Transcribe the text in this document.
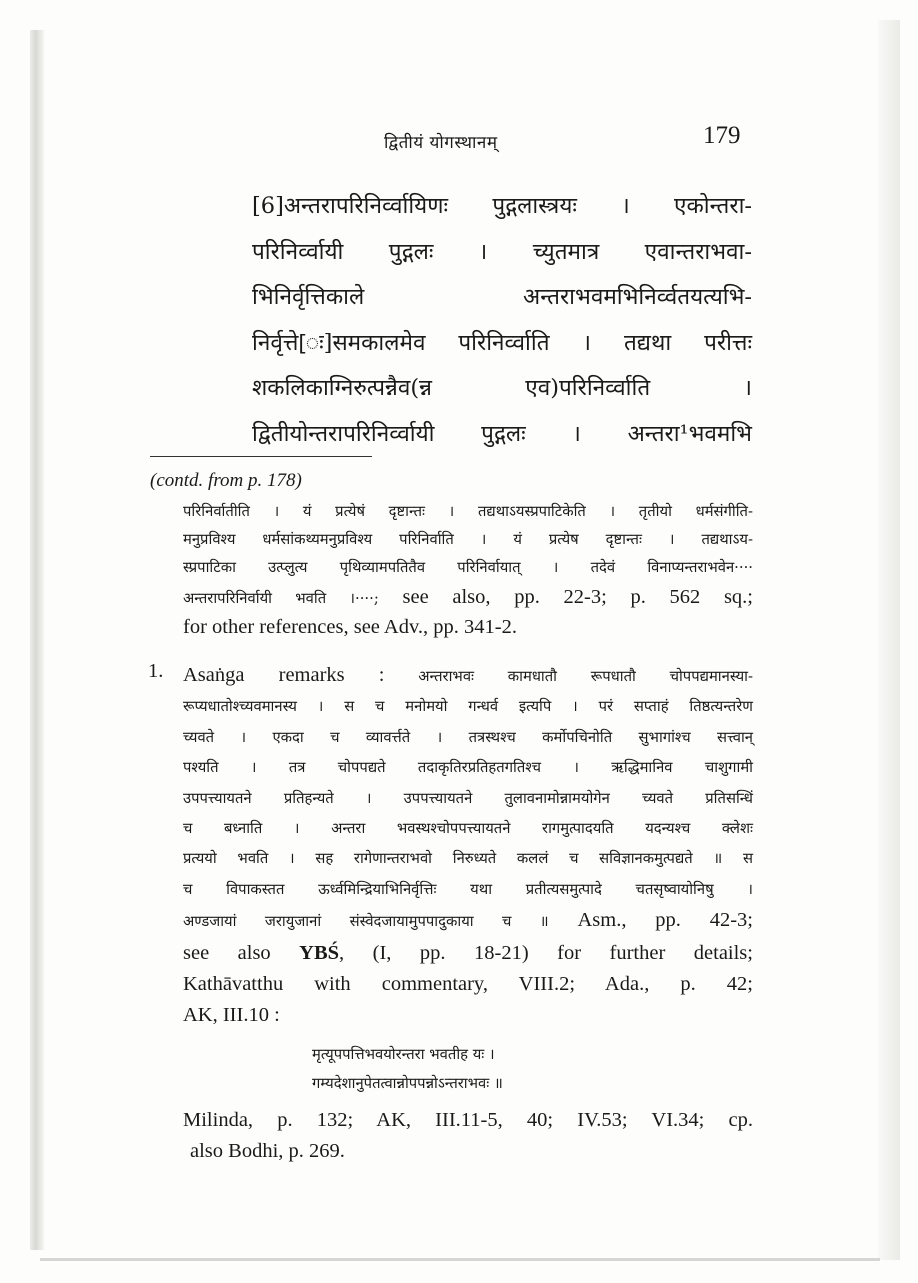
द्वितीयं योगस्थानम्	179
[6]अन्तरापरिनिर्व्वायिणः पुद्गलास्त्रयः । एकोन्तरा-
परिनिर्व्वायी पुद्गलः । च्युतमात्र एवान्तराभवा-
भिनिर्वृत्तिकाले अन्तराभवमभिनिर्व्वतयत्यभि-
निर्वृत्ते[ः]समकालमेव परिनिर्व्वाति । तद्यथा परीत्तः
शकलिकाग्निरुत्पन्नैव(न्न एव)परिनिर्व्वाति ।
द्वितीयोन्तरापरिनिर्व्वायी पुद्गलः । अन्तरा¹भवमभि
(contd. from p. 178)
परिनिर्वातीति । यं प्रत्येषं दृष्टान्तः । तद्यथाऽयस्प्रपाटिकेति । तृतीयो धर्मसंगीति-
मनुप्रविश्य धर्मसांकथ्यमनुप्रविश्य परिनिर्वाति । यं प्रत्येष दृष्टान्तः । तद्यथाऽय-
स्प्रपाटिका उत्प्लुत्य पृथिव्यामपतितैव परिनिर्वायात् । तदेवं विनाप्यन्तराभवेन····
अन्तरापरिनिर्वायी भवति ।····; see also, pp. 22-3; p. 562 sq.;
for other references, see Adv., pp. 341-2.
1. Asaṅga remarks : अन्तराभवः कामधातौ रूपधातौ चोपपद्यमानस्या-
रूप्यधातोश्च्यवमानस्य । स च मनोमयो गन्धर्व इत्यपि । परं सप्ताहं तिष्ठत्यन्तरेण
च्यवते । एकदा च व्यावर्त्तते । तत्रस्थश्च कर्मोपचिनोति सुभागांश्च सत्त्वान्
पश्यति । तत्र चोपपद्यते तदाकृतिरप्रतिहतगतिश्च । ऋद्धिमानिव चाशुगामी
उपपत्त्यायतने प्रतिहन्यते । उपपत्त्यायतने तुलावनामोन्नामयोगेन च्यवते प्रतिसन्धिं
च बध्नाति । अन्तरा भवस्थश्चोपपत्त्यायतने रागमुत्पादयति यदन्यश्च क्लेशः
प्रत्ययो भवति । सह रागेणान्तराभवो निरुध्यते कललं च सविज्ञानकमुत्पद्यते ॥ स
च विपाकस्तत ऊर्ध्वमिन्द्रियाभिनिर्वृत्तिः यथा प्रतीत्यसमुत्पादे चतसृष्वायोनिषु ।
अण्डजायां जरायुजानां संस्वेदजायामुपपादुकाया च ॥ Asm., pp. 42-3;
see also YBŚ, (I, pp. 18-21) for further details;
Kathāvatthu with commentary, VIII.2; Ada., p. 42;
AK, III.10 :
मृत्यूपपत्तिभवयोरन्तरा भवतीह यः ।
गम्यदेशानुपेतत्वान्नोपपन्नोऽन्तराभवः ॥
Milinda, p. 132; AK, III.11-5, 40; IV.53; VI.34; cp.
also Bodhi, p. 269.
